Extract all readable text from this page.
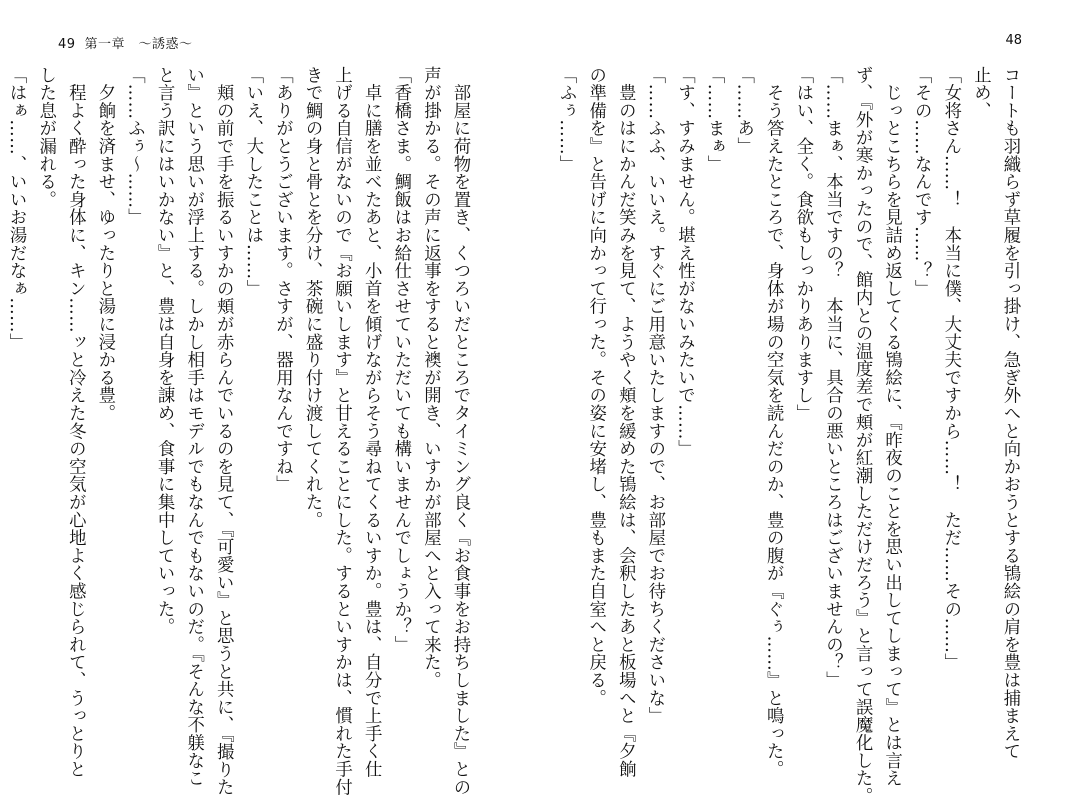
49 第一章　〜誘惑〜
　部屋に荷物を置き、くつろいだところでタイミング良く『お食事をお持ちしました』との
声が掛かる。その声に返事をすると襖が開き、いすかが部屋へと入って来た。
「香橋さま。鯛飯はお給仕させていただいても構いませんでしょうか？」
　卓に膳を並べたあと、小首を傾げながらそう尋ねてくるいすか。豊は、自分で上手く仕
上げる自信がないので『お願いします』と甘えることにした。するといすかは、慣れた手付
きで鯛の身と骨とを分け、茶碗に盛り付け渡してくれた。
「ありがとうございます。さすが、器用なんですね」
「いえ、大したことは……」
　頬の前で手を振るいすかの頬が赤らんでいるのを見て、『可愛い』と思うと共に、『撮りた
い』という思いが浮上する。しかし相手はモデルでもなんでもないのだ。『そんな不躾なこ
と言う訳にはいかない』と、豊は自身を諌め、食事に集中していった。
「……ふぅ〜……」
　夕餉を済ませ、ゆったりと湯に浸かる豊。
　程よく酔った身体に、キン……ッと冷えた冬の空気が心地よく感じられて、うっとりと
した息が漏れる。
「はぁ……、いいお湯だなぁ……」
48
コートも羽織らず草履を引っ掛け、急ぎ外へと向かおうとする鴇絵の肩を豊は捕まえて
止め、
「女将さん……！　本当に僕、大丈夫ですから……！　ただ……その……」
「その……なんです……？」
　じっとこちらを見詰め返してくる鴇絵に、『昨夜のことを思い出してしまって』とは言え
ず、『外が寒かったので、館内との温度差で頬が紅潮しただけだろう』と言って誤魔化した。
「……まぁ、本当ですの？　本当に、具合の悪いところはございませんの？」
「はい、全く。食欲もしっかりありますし」
　そう答えたところで、身体が場の空気を読んだのか、豊の腹が『ぐぅ……』と鳴った。
「……あ」
「……まぁ」
「す、すみません。堪え性がないみたいで……」
「……ふふ、いいえ。すぐにご用意いたしますので、お部屋でお待ちくださいな」
　豊のはにかんだ笑みを見て、ようやく頬を緩めた鴇絵は、会釈したあと板場へと『夕餉
の準備を』と告げに向かって行った。その姿に安堵し、豊もまた自室へと戻る。
「ふぅ……」
